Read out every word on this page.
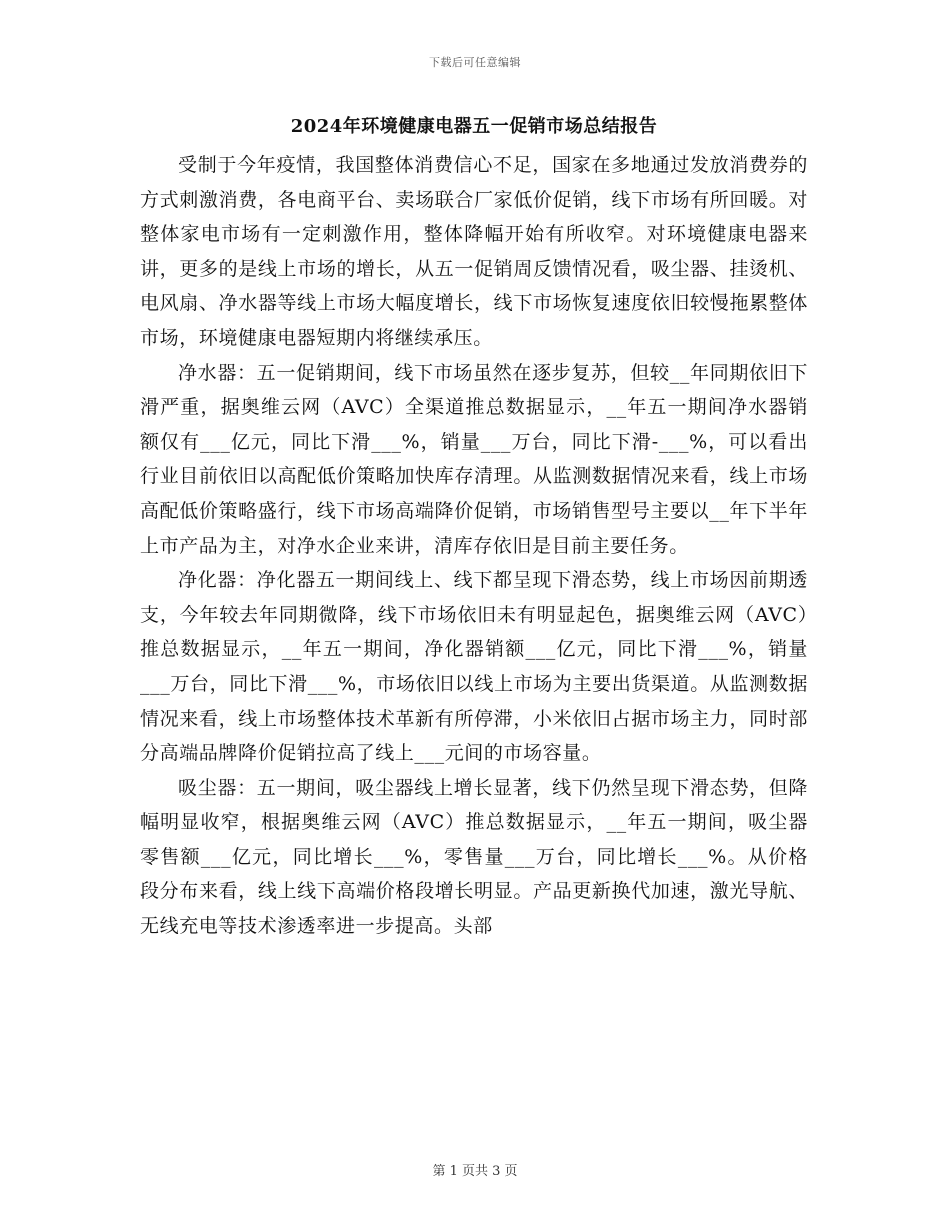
下载后可任意编辑
2024年环境健康电器五一促销市场总结报告

受制于今年疫情，我国整体消费信心不足，国家在多地通过发放消费券的方式刺激消费，各电商平台、卖场联合厂家低价促销，线下市场有所回暖。对整体家电市场有一定刺激作用，整体降幅开始有所收窄。对环境健康电器来讲，更多的是线上市场的增长，从五一促销周反馈情况看，吸尘器、挂烫机、电风扇、净水器等线上市场大幅度增长，线下市场恢复速度依旧较慢拖累整体市场，环境健康电器短期内将继续承压。

净水器：五一促销期间，线下市场虽然在逐步复苏，但较__年同期依旧下滑严重，据奥维云网（AVC）全渠道推总数据显示，__年五一期间净水器销额仅有___亿元，同比下滑___%，销量___万台，同比下滑-___%，可以看出行业目前依旧以高配低价策略加快库存清理。从监测数据情况来看，线上市场高配低价策略盛行，线下市场高端降价促销，市场销售型号主要以__年下半年上市产品为主，对净水企业来讲，清库存依旧是目前主要任务。

净化器：净化器五一期间线上、线下都呈现下滑态势，线上市场因前期透支，今年较去年同期微降，线下市场依旧未有明显起色，据奥维云网（AVC）推总数据显示，__年五一期间，净化器销额___亿元，同比下滑___%，销量___万台，同比下滑___%，市场依旧以线上市场为主要出货渠道。从监测数据情况来看，线上市场整体技术革新有所停滞，小米依旧占据市场主力，同时部分高端品牌降价促销拉高了线上___元间的市场容量。

吸尘器：五一期间，吸尘器线上增长显著，线下仍然呈现下滑态势，但降幅明显收窄，根据奥维云网（AVC）推总数据显示，__年五一期间，吸尘器零售额___亿元，同比增长___%，零售量___万台，同比增长___%。从价格段分布来看，线上线下高端价格段增长明显。产品更新换代加速，激光导航、无线充电等技术渗透率进一步提高。头部

第 1 页共 3 页
